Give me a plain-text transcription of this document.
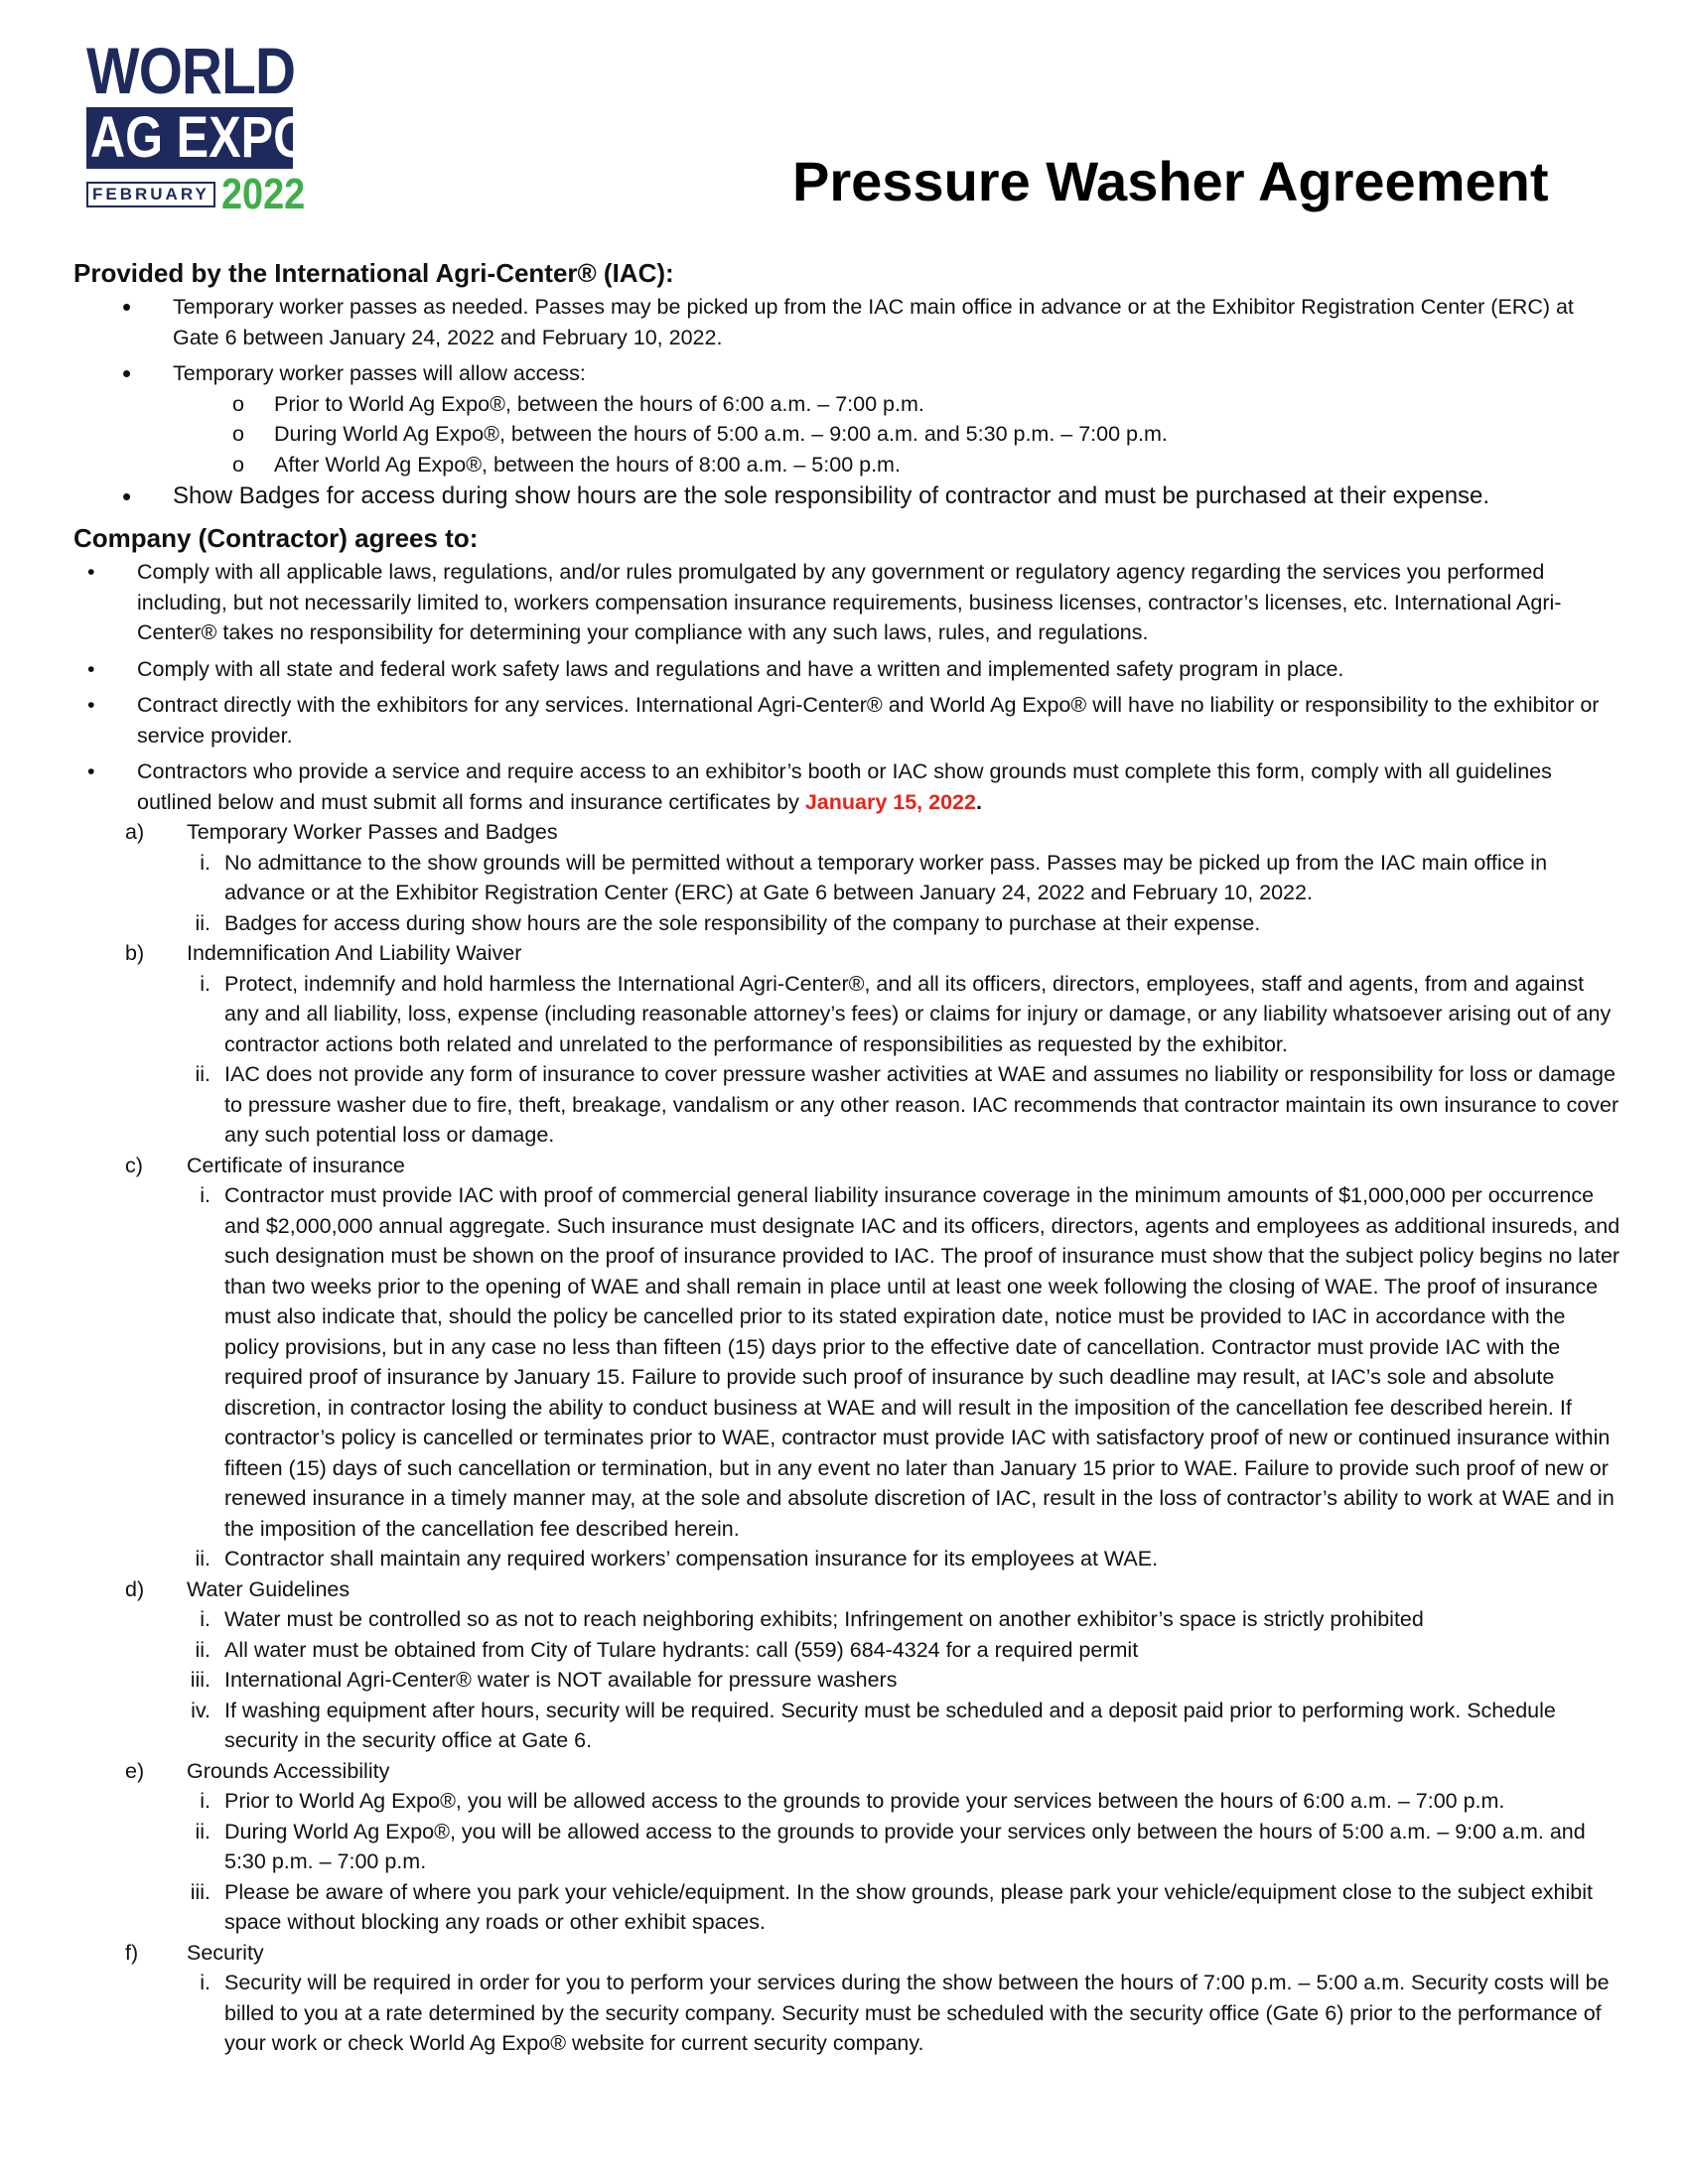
WORLD
AG EXPO	®
FEBRUARY 2022	Pressure Washer Agreement
Provided by the International Agri-Center® (IAC):
• Temporary worker passes as needed. Passes may be picked up from the IAC main office in advance or at the Exhibitor Registration Center (ERC) at Gate 6 between January 24, 2022 and February 10, 2022.
• Temporary worker passes will allow access:
o Prior to World Ag Expo®, between the hours of 6:00 a.m. – 7:00 p.m.
o During World Ag Expo®, between the hours of 5:00 a.m. – 9:00 a.m. and 5:30 p.m. – 7:00 p.m.
o After World Ag Expo®, between the hours of 8:00 a.m. – 5:00 p.m.
• Show Badges for access during show hours are the sole responsibility of contractor and must be purchased at their expense.
Company (Contractor) agrees to:
• Comply with all applicable laws, regulations, and/or rules promulgated by any government or regulatory agency regarding the services you performed including, but not necessarily limited to, workers compensation insurance requirements, business licenses, contractor’s licenses, etc. International Agri-Center® takes no responsibility for determining your compliance with any such laws, rules, and regulations.
• Comply with all state and federal work safety laws and regulations and have a written and implemented safety program in place.
• Contract directly with the exhibitors for any services. International Agri-Center® and World Ag Expo® will have no liability or responsibility to the exhibitor or service provider.
• Contractors who provide a service and require access to an exhibitor’s booth or IAC show grounds must complete this form, comply with all guidelines outlined below and must submit all forms and insurance certificates by January 15, 2022.
a) Temporary Worker Passes and Badges
i. No admittance to the show grounds will be permitted without a temporary worker pass. Passes may be picked up from the IAC main office in advance or at the Exhibitor Registration Center (ERC) at Gate 6 between January 24, 2022 and February 10, 2022.
ii. Badges for access during show hours are the sole responsibility of the company to purchase at their expense.
b) Indemnification And Liability Waiver
i. Protect, indemnify and hold harmless the International Agri-Center®, and all its officers, directors, employees, staff and agents, from and against any and all liability, loss, expense (including reasonable attorney’s fees) or claims for injury or damage, or any liability whatsoever arising out of any contractor actions both related and unrelated to the performance of responsibilities as requested by the exhibitor.
ii. IAC does not provide any form of insurance to cover pressure washer activities at WAE and assumes no liability or responsibility for loss or damage to pressure washer due to fire, theft, breakage, vandalism or any other reason. IAC recommends that contractor maintain its own insurance to cover any such potential loss or damage.
c) Certificate of insurance
i. Contractor must provide IAC with proof of commercial general liability insurance coverage in the minimum amounts of $1,000,000 per occurrence and $2,000,000 annual aggregate. Such insurance must designate IAC and its officers, directors, agents and employees as additional insureds, and such designation must be shown on the proof of insurance provided to IAC. The proof of insurance must show that the subject policy begins no later than two weeks prior to the opening of WAE and shall remain in place until at least one week following the closing of WAE. The proof of insurance must also indicate that, should the policy be cancelled prior to its stated expiration date, notice must be provided to IAC in accordance with the policy provisions, but in any case no less than fifteen (15) days prior to the effective date of cancellation. Contractor must provide IAC with the required proof of insurance by January 15. Failure to provide such proof of insurance by such deadline may result, at IAC’s sole and absolute discretion, in contractor losing the ability to conduct business at WAE and will result in the imposition of the cancellation fee described herein. If contractor’s policy is cancelled or terminates prior to WAE, contractor must provide IAC with satisfactory proof of new or continued insurance within fifteen (15) days of such cancellation or termination, but in any event no later than January 15 prior to WAE. Failure to provide such proof of new or renewed insurance in a timely manner may, at the sole and absolute discretion of IAC, result in the loss of contractor’s ability to work at WAE and in the imposition of the cancellation fee described herein.
ii. Contractor shall maintain any required workers’ compensation insurance for its employees at WAE.
d) Water Guidelines
i. Water must be controlled so as not to reach neighboring exhibits; Infringement on another exhibitor’s space is strictly prohibited
ii. All water must be obtained from City of Tulare hydrants: call (559) 684-4324 for a required permit
iii. International Agri-Center® water is NOT available for pressure washers
iv. If washing equipment after hours, security will be required. Security must be scheduled and a deposit paid prior to performing work. Schedule security in the security office at Gate 6.
e) Grounds Accessibility
i. Prior to World Ag Expo®, you will be allowed access to the grounds to provide your services between the hours of 6:00 a.m. – 7:00 p.m.
ii. During World Ag Expo®, you will be allowed access to the grounds to provide your services only between the hours of 5:00 a.m. – 9:00 a.m. and 5:30 p.m. – 7:00 p.m.
iii. Please be aware of where you park your vehicle/equipment. In the show grounds, please park your vehicle/equipment close to the subject exhibit space without blocking any roads or other exhibit spaces.
f) Security
i. Security will be required in order for you to perform your services during the show between the hours of 7:00 p.m. – 5:00 a.m. Security costs will be billed to you at a rate determined by the security company. Security must be scheduled with the security office (Gate 6) prior to the performance of your work or check World Ag Expo® website for current security company.
